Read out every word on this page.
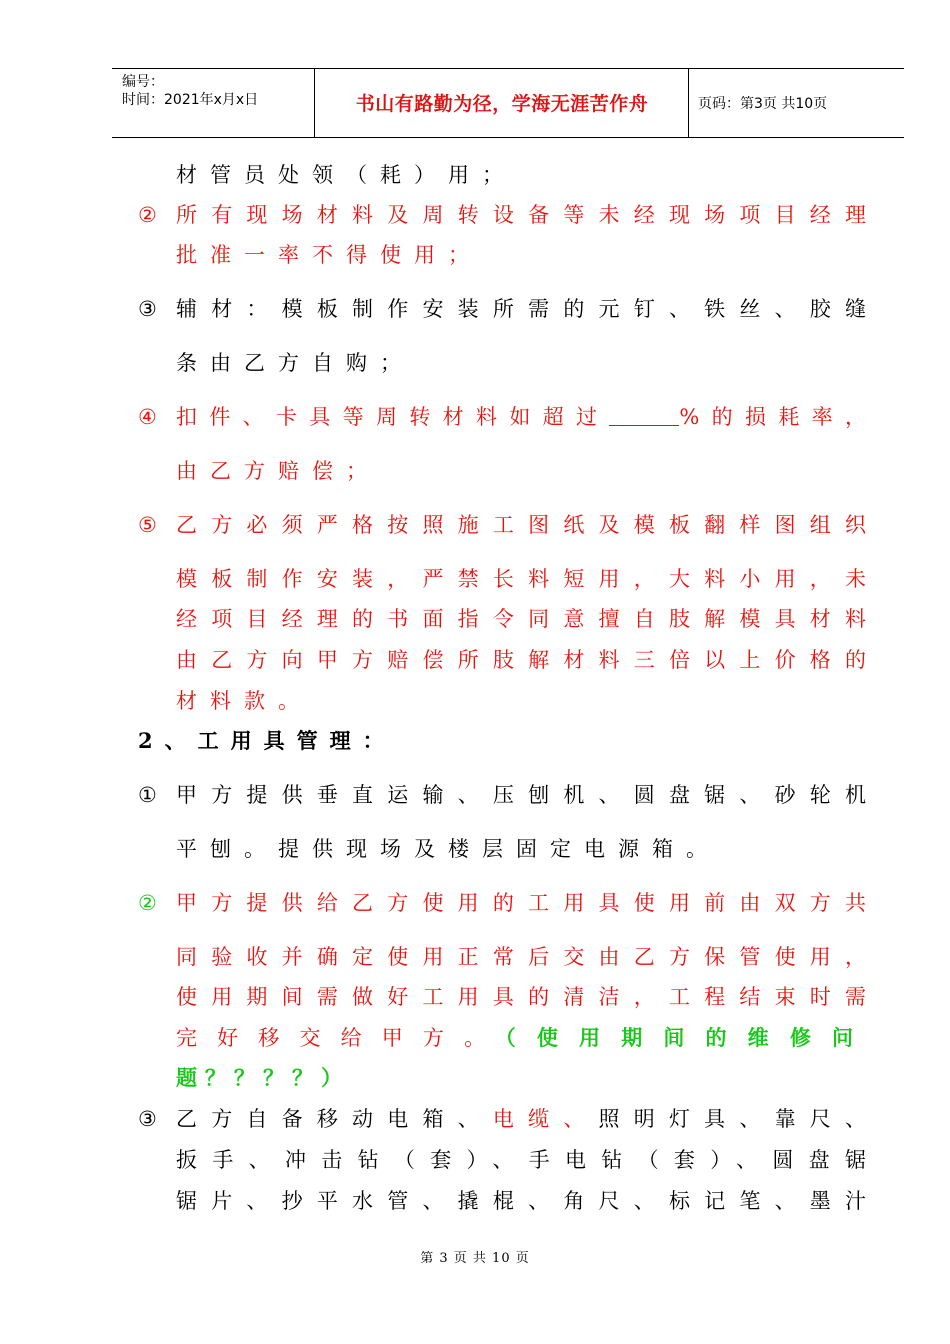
编号：
时间：2021年x月x日	书山有路勤为径，学海无涯苦作舟	页码：第3页 共10页
材管员处领（耗）用；
② 所有现场材料及周转设备等未经现场项目经理
批准一率不得使用；
③ 辅材：模板制作安装所需的元钉、铁丝、胶缝
条由乙方自购；
④ 扣件、卡具等周转材料如超过	%的损耗率，
由乙方赔偿；
⑤ 乙方必须严格按照施工图纸及模板翻样图组织
模板制作安装，严禁长料短用，大料小用，未
经项目经理的书面指令同意擅自肢解模具材料
由乙方向甲方赔偿所肢解材料三倍以上价格的
材料款。
2、工用具管理：
① 甲方提供垂直运输、压刨机、圆盘锯、砂轮机
平刨。提供现场及楼层固定电源箱。
② 甲方提供给乙方使用的工用具使用前由双方共
同验收并确定使用正常后交由乙方保管使用，
使用期间需做好工用具的清洁，工程结束时需
完好移交给甲方。（使用期间的维修问
题？？？？）
③ 乙方自备移动电箱、电缆、照明灯具、靠尺、
扳手、冲击钻（套）、手电钻（套）、圆盘锯
锯片、抄平水管、撬棍、角尺、标记笔、墨汁
第 3 页 共 10 页
